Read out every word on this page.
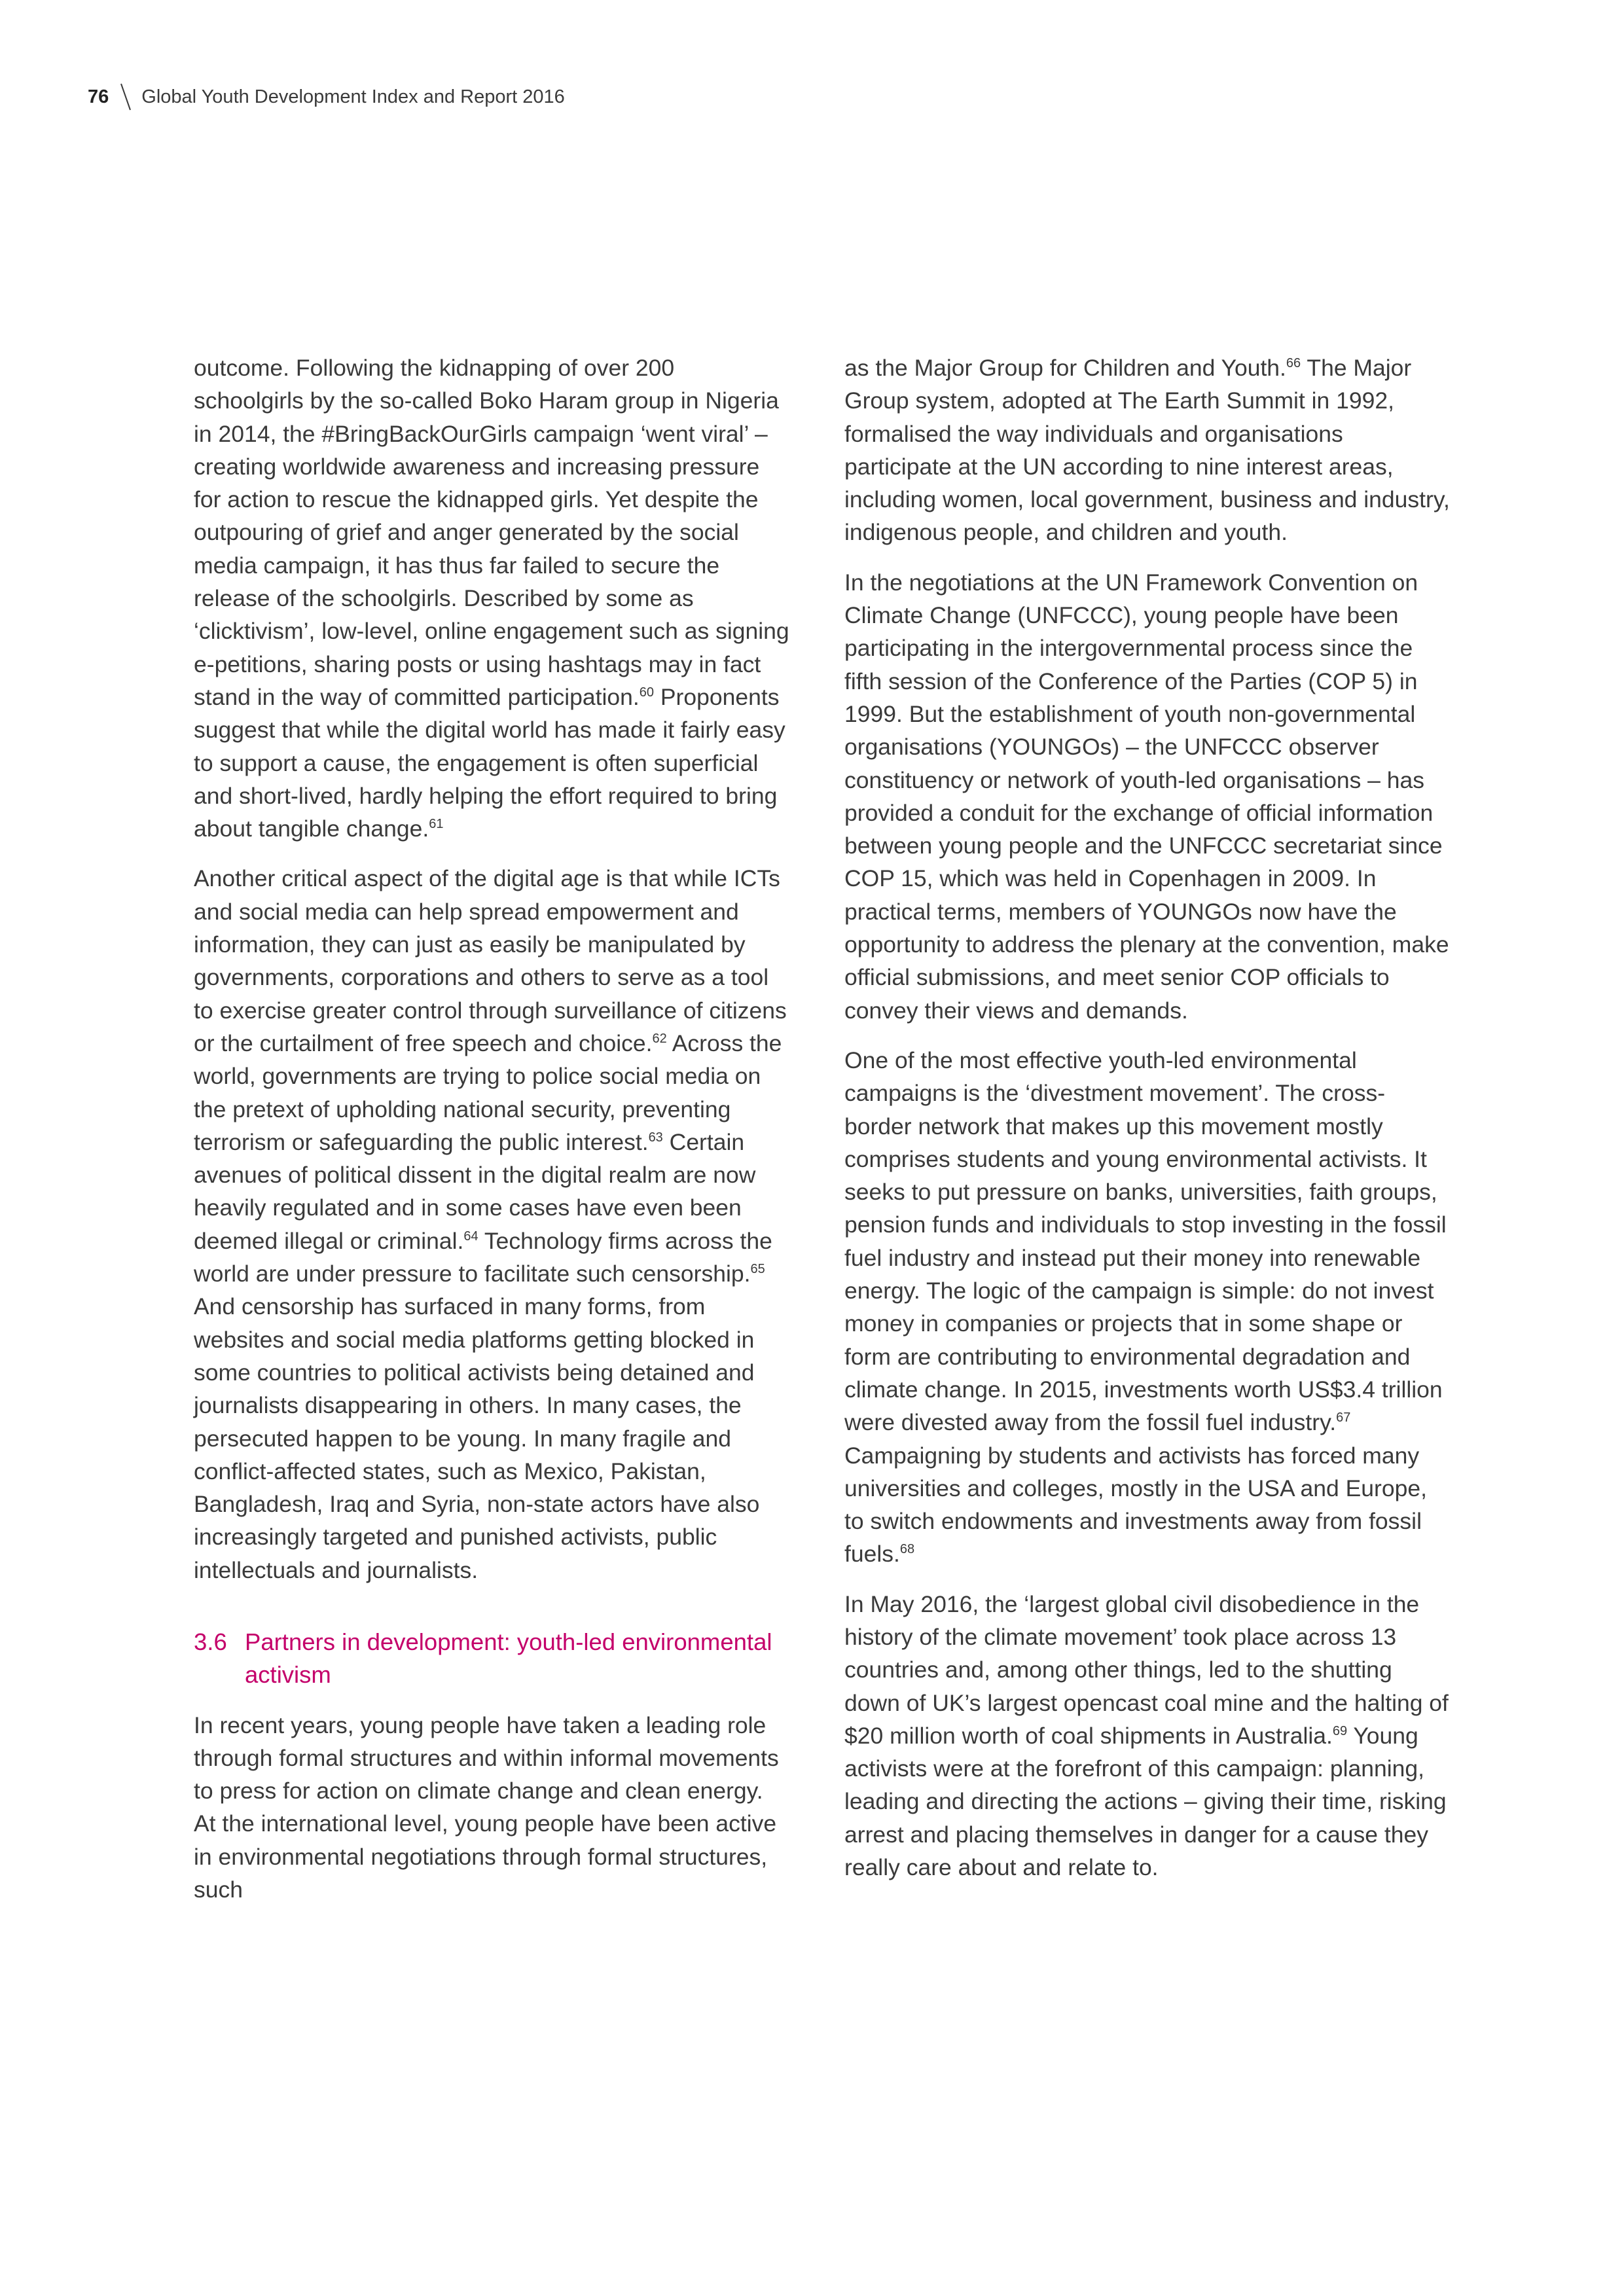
76 Global Youth Development Index and Report 2016

outcome. Following the kidnapping of over 200 schoolgirls by the so-called Boko Haram group in Nigeria in 2014, the #BringBackOurGirls campaign ‘went viral’ – creating worldwide awareness and increasing pressure for action to rescue the kidnapped girls. Yet despite the outpouring of grief and anger generated by the social media campaign, it has thus far failed to secure the release of the schoolgirls. Described by some as ‘clicktivism’, low-level, online engagement such as signing e-petitions, sharing posts or using hashtags may in fact stand in the way of committed participation.$^{60}$ Proponents suggest that while the digital world has made it fairly easy to support a cause, the engagement is often superficial and short-lived, hardly helping the effort required to bring about tangible change.$^{61}$

Another critical aspect of the digital age is that while ICTs and social media can help spread empowerment and information, they can just as easily be manipulated by governments, corporations and others to serve as a tool to exercise greater control through surveillance of citizens or the curtailment of free speech and choice.$^{62}$ Across the world, governments are trying to police social media on the pretext of upholding national security, preventing terrorism or safeguarding the public interest.$^{63}$ Certain avenues of political dissent in the digital realm are now heavily regulated and in some cases have even been deemed illegal or criminal.$^{64}$ Technology firms across the world are under pressure to facilitate such censorship.$^{65}$ And censorship has surfaced in many forms, from websites and social media platforms getting blocked in some countries to political activists being detained and journalists disappearing in others. In many cases, the persecuted happen to be young. In many fragile and conflict-affected states, such as Mexico, Pakistan, Bangladesh, Iraq and Syria, non-state actors have also increasingly targeted and punished activists, public intellectuals and journalists.

3.6 Partners in development: youth-led environmental activism

In recent years, young people have taken a leading role through formal structures and within informal movements to press for action on climate change and clean energy. At the international level, young people have been active in environmental negotiations through formal structures, such

as the Major Group for Children and Youth.$^{66}$ The Major Group system, adopted at The Earth Summit in 1992, formalised the way individuals and organisations participate at the UN according to nine interest areas, including women, local government, business and industry, indigenous people, and children and youth.

In the negotiations at the UN Framework Convention on Climate Change (UNFCCC), young people have been participating in the intergovernmental process since the fifth session of the Conference of the Parties (COP 5) in 1999. But the establishment of youth non-governmental organisations (YOUNGOs) – the UNFCCC observer constituency or network of youth-led organisations – has provided a conduit for the exchange of official information between young people and the UNFCCC secretariat since COP 15, which was held in Copenhagen in 2009. In practical terms, members of YOUNGOs now have the opportunity to address the plenary at the convention, make official submissions, and meet senior COP officials to convey their views and demands.

One of the most effective youth-led environmental campaigns is the ‘divestment movement’. The cross-border network that makes up this movement mostly comprises students and young environmental activists. It seeks to put pressure on banks, universities, faith groups, pension funds and individuals to stop investing in the fossil fuel industry and instead put their money into renewable energy. The logic of the campaign is simple: do not invest money in companies or projects that in some shape or form are contributing to environmental degradation and climate change. In 2015, investments worth US$3.4 trillion were divested away from the fossil fuel industry.$^{67}$ Campaigning by students and activists has forced many universities and colleges, mostly in the USA and Europe, to switch endowments and investments away from fossil fuels.$^{68}$

In May 2016, the ‘largest global civil disobedience in the history of the climate movement’ took place across 13 countries and, among other things, led to the shutting down of UK’s largest opencast coal mine and the halting of $20 million worth of coal shipments in Australia.$^{69}$ Young activists were at the forefront of this campaign: planning, leading and directing the actions – giving their time, risking arrest and placing themselves in danger for a cause they really care about and relate to.
